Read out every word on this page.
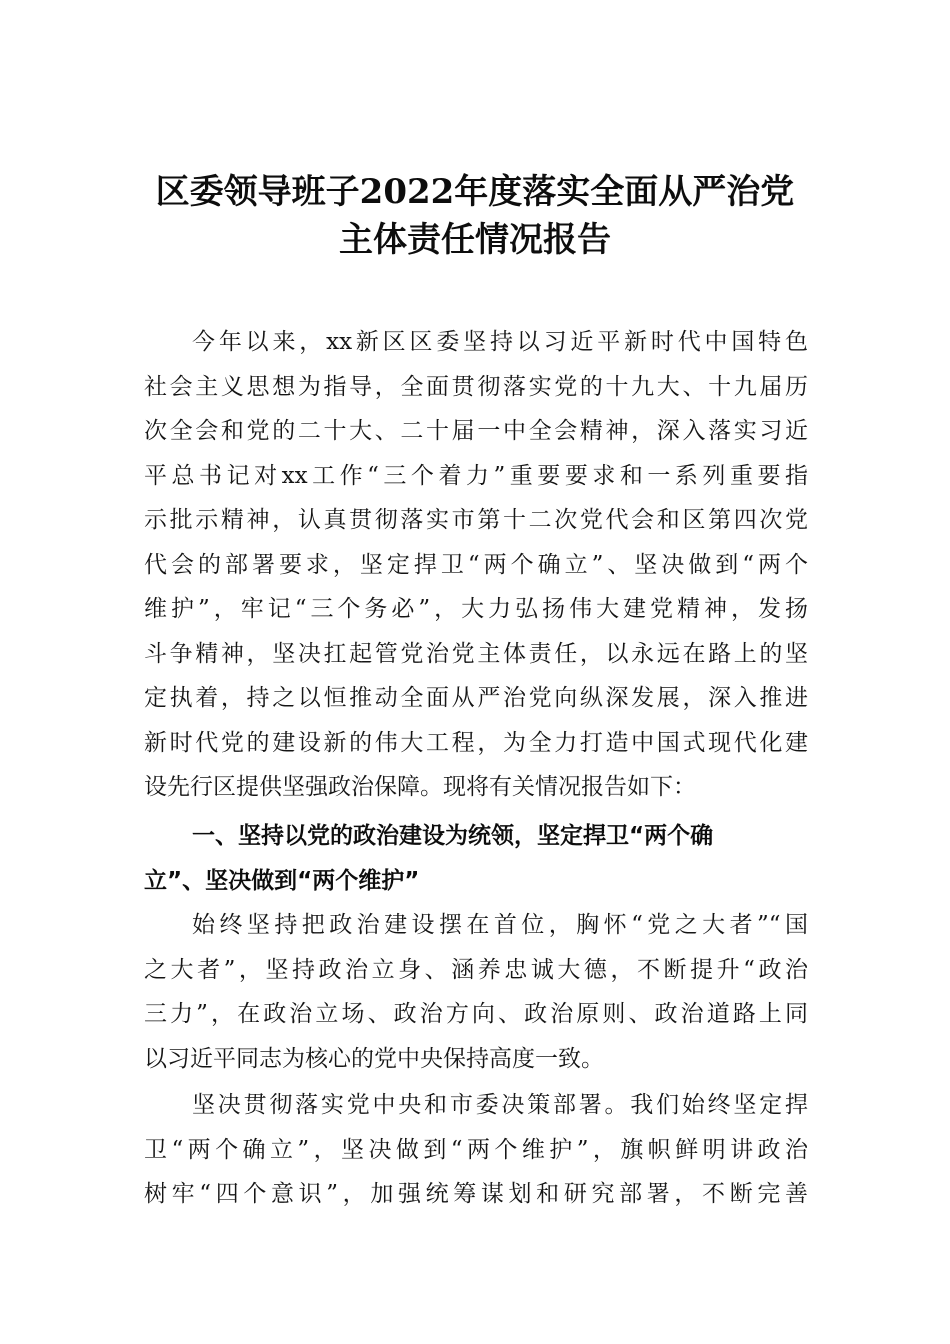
区委领导班子2022年度落实全面从严治党
主体责任情况报告
今年以来，xx新区区委坚持以习近平新时代中国特色
社会主义思想为指导，全面贯彻落实党的十九大、十九届历
次全会和党的二十大、二十届一中全会精神，深入落实习近
平总书记对xx工作“三个着力”重要要求和一系列重要指
示批示精神，认真贯彻落实市第十二次党代会和区第四次党
代会的部署要求，坚定捍卫“两个确立”、坚决做到“两个
维护”，牢记“三个务必”，大力弘扬伟大建党精神，发扬
斗争精神，坚决扛起管党治党主体责任，以永远在路上的坚
定执着，持之以恒推动全面从严治党向纵深发展，深入推进
新时代党的建设新的伟大工程，为全力打造中国式现代化建
设先行区提供坚强政治保障。现将有关情况报告如下：
一、坚持以党的政治建设为统领，坚定捍卫“两个确
立”、坚决做到“两个维护”
始终坚持把政治建设摆在首位，胸怀“党之大者”“国
之大者”，坚持政治立身、涵养忠诚大德，不断提升“政治
三力”，在政治立场、政治方向、政治原则、政治道路上同
以习近平同志为核心的党中央保持高度一致。
坚决贯彻落实党中央和市委决策部署。我们始终坚定捍
卫“两个确立”，坚决做到“两个维护”，旗帜鲜明讲政治
树牢“四个意识”，加强统筹谋划和研究部署，不断完善
